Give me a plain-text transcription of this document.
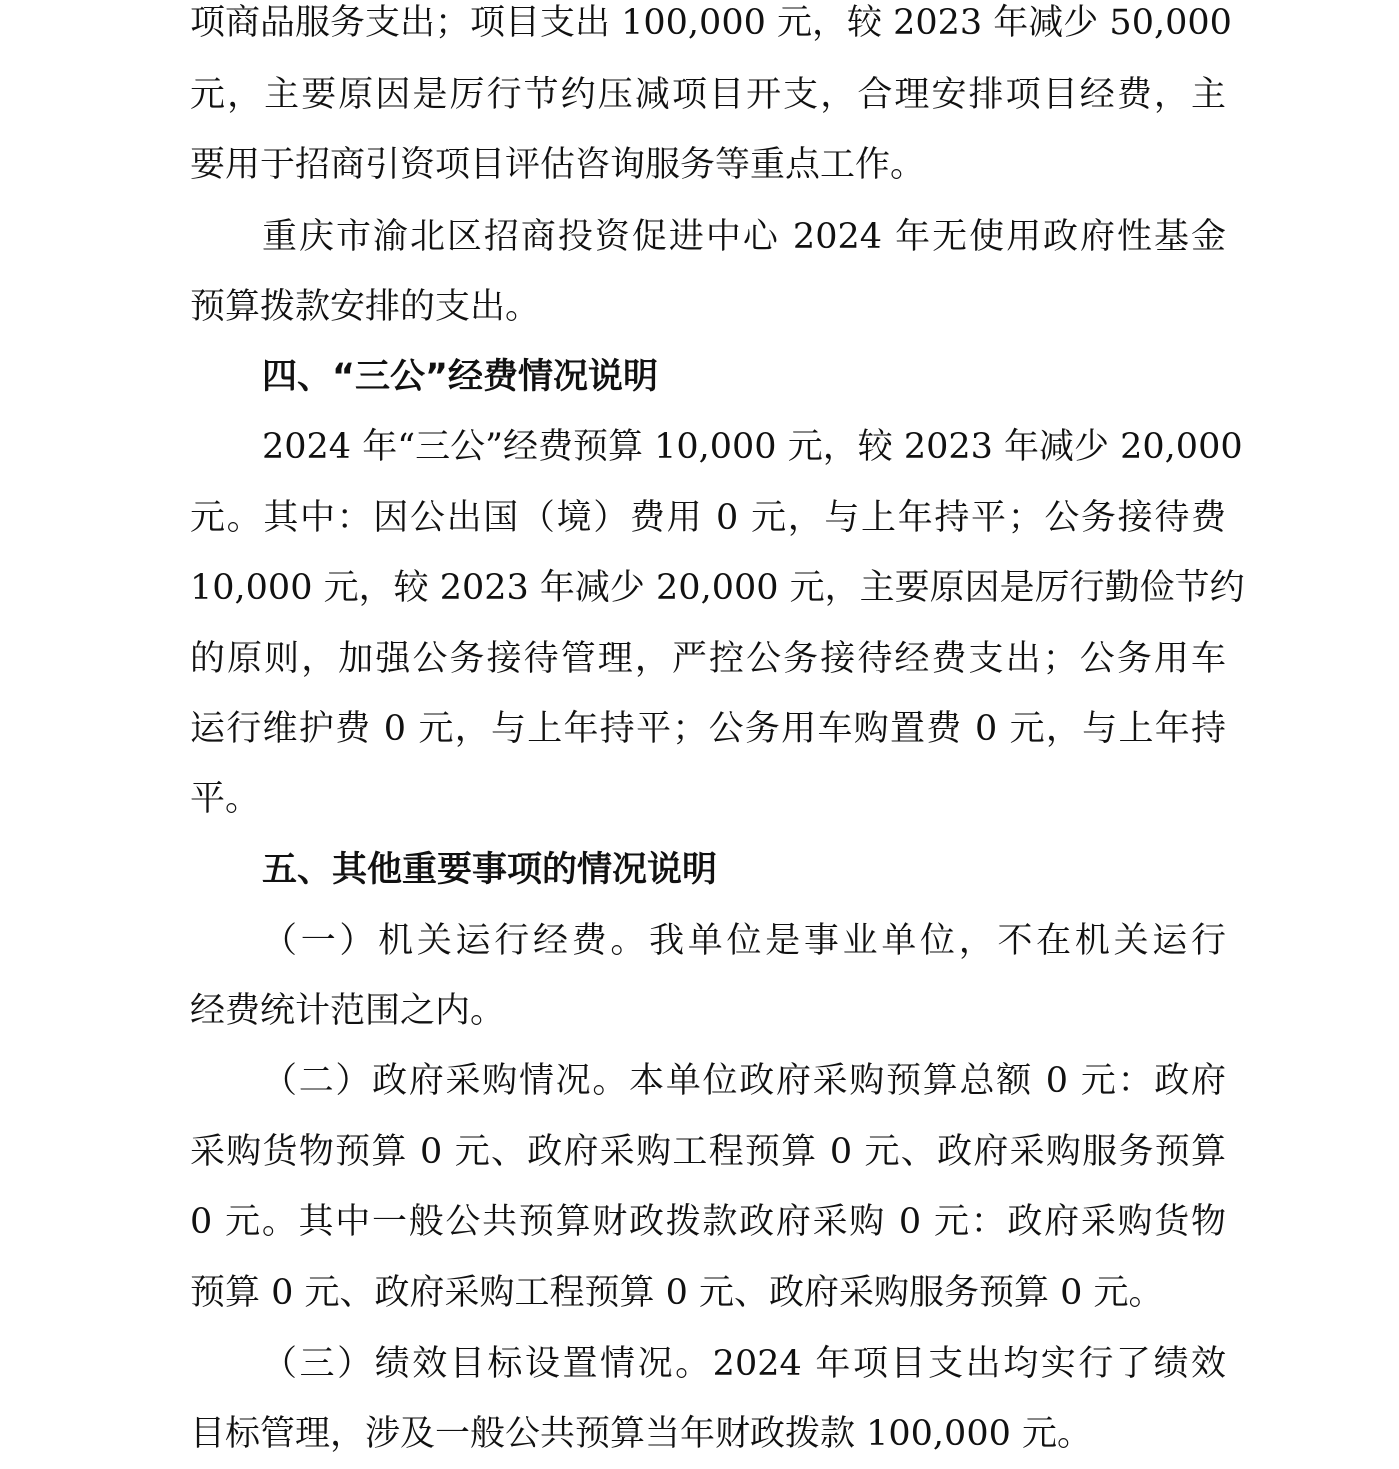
项商品服务支出；项目支出 100,000 元，较 2023 年减少 50,000
元，主要原因是厉行节约压减项目开支，合理安排项目经费，主
要用于招商引资项目评估咨询服务等重点工作。
重庆市渝北区招商投资促进中心 2024 年无使用政府性基金
预算拨款安排的支出。
四、“三公”经费情况说明
2024 年“三公”经费预算 10,000 元，较 2023 年减少 20,000
元。其中：因公出国（境）费用 0 元，与上年持平；公务接待费
10,000 元，较 2023 年减少 20,000 元，主要原因是厉行勤俭节约
的原则，加强公务接待管理，严控公务接待经费支出；公务用车
运行维护费 0 元，与上年持平；公务用车购置费 0 元，与上年持
平。
五、其他重要事项的情况说明
（一）机关运行经费。我单位是事业单位，不在机关运行
经费统计范围之内。
（二）政府采购情况。本单位政府采购预算总额 0 元：政府
采购货物预算 0 元、政府采购工程预算 0 元、政府采购服务预算
0 元。其中一般公共预算财政拨款政府采购 0 元：政府采购货物
预算 0 元、政府采购工程预算 0 元、政府采购服务预算 0 元。
（三）绩效目标设置情况。2024 年项目支出均实行了绩效
目标管理，涉及一般公共预算当年财政拨款 100,000 元。
